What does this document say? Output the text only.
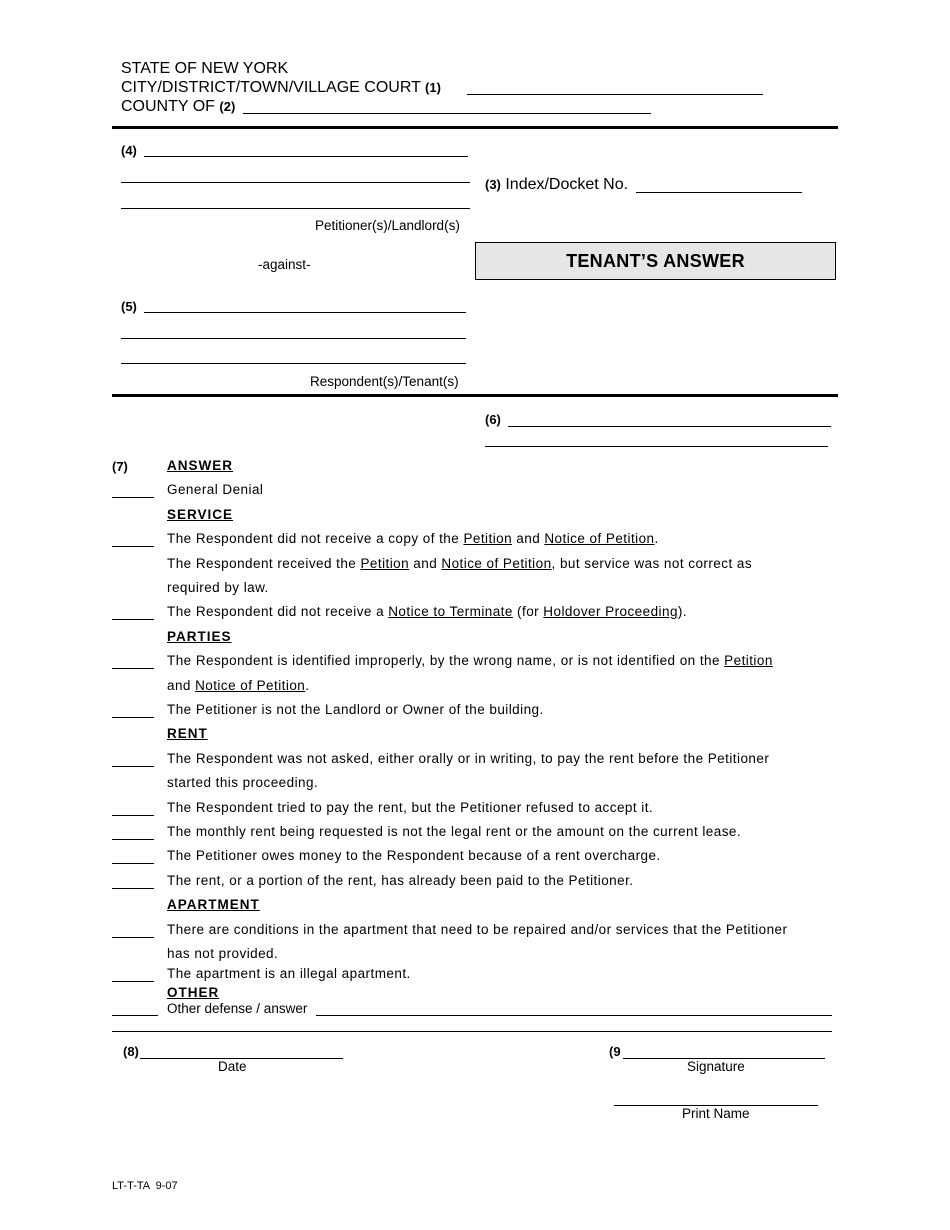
STATE OF NEW YORK
CITY/DISTRICT/TOWN/VILLAGE COURT (1)
COUNTY OF (2)
(4)
Petitioner(s)/Landlord(s)
-against-
(5)
Respondent(s)/Tenant(s)
(3) Index/Docket No.
TENANT’S ANSWER
(6)
(7)	ANSWER
General Denial
SERVICE
The Respondent did not receive a copy of the Petition and Notice of Petition.
The Respondent received the Petition and Notice of Petition, but service was not correct as
required by law.
The Respondent did not receive a Notice to Terminate (for Holdover Proceeding).
PARTIES
The Respondent is identified improperly, by the wrong name, or is not identified on the Petition
and Notice of Petition.
The Petitioner is not the Landlord or Owner of the building.
RENT
The Respondent was not asked, either orally or in writing, to pay the rent before the Petitioner
started this proceeding.
The Respondent tried to pay the rent, but the Petitioner refused to accept it.
The monthly rent being requested is not the legal rent or the amount on the current lease.
The Petitioner owes money to the Respondent because of a rent overcharge.
The rent, or a portion of the rent, has already been paid to the Petitioner.
APARTMENT
There are conditions in the apartment that need to be repaired and/or services that the Petitioner
has not provided.
The apartment is an illegal apartment.
OTHER
Other defense / answer
(8)
Date
(9
Signature
Print Name
LT-T-TA  9-07
